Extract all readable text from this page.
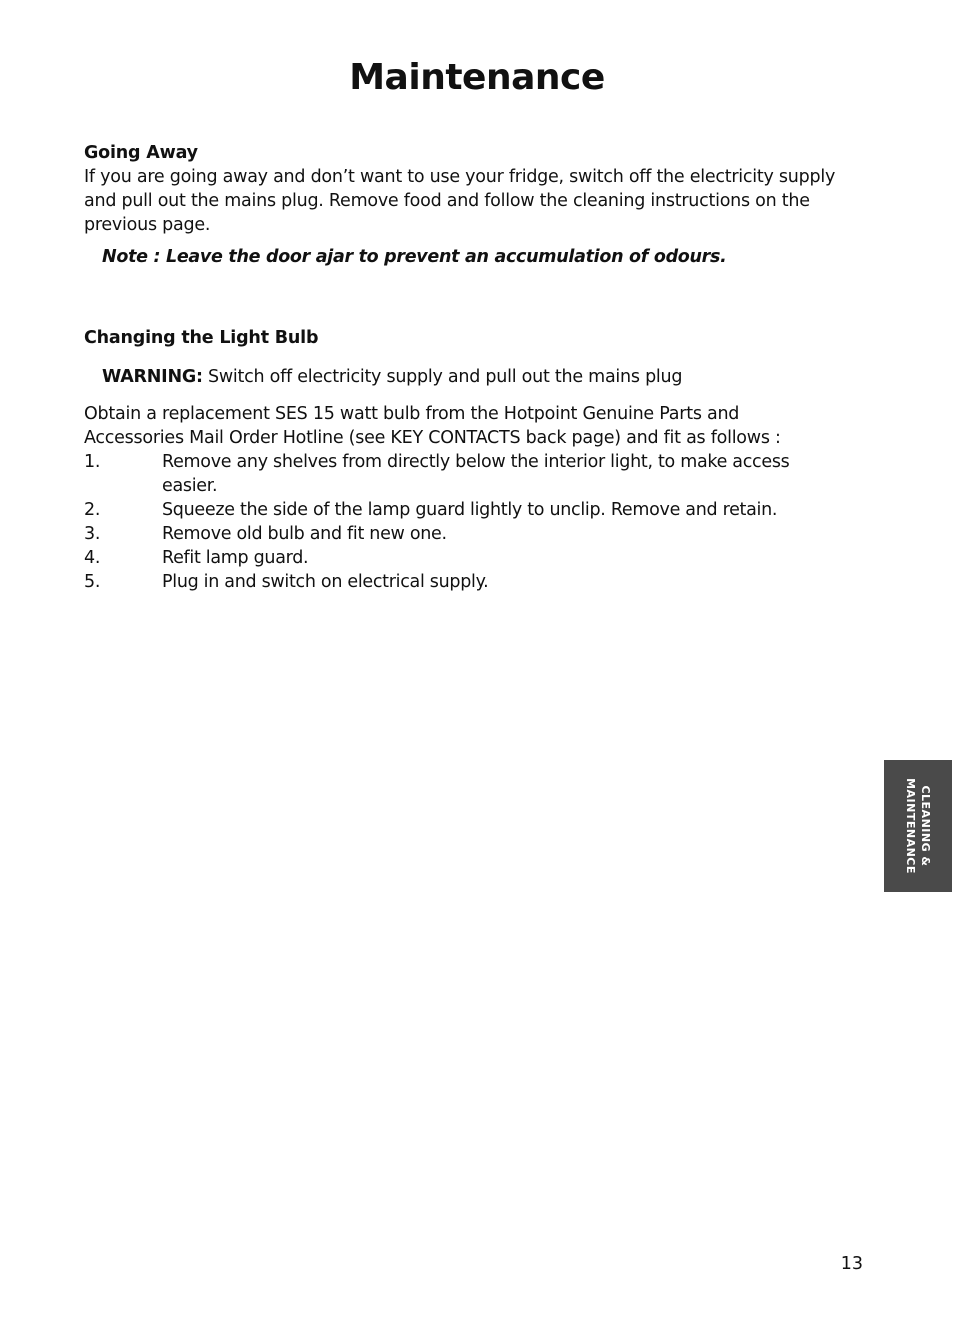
Maintenance
Going Away
If you are going away and don’t want to use your fridge, switch off the electricity supply and pull out the mains plug. Remove food and follow the cleaning instructions on the previous page.
Note : Leave the door ajar to prevent an accumulation of odours.
Changing the Light Bulb
WARNING: Switch off electricity supply and pull out the mains plug
Obtain a replacement SES 15 watt bulb from the Hotpoint Genuine Parts and Accessories Mail Order Hotline (see KEY CONTACTS back page) and fit as follows :
1.	Remove any shelves from directly below the interior light, to make access easier.
2.	Squeeze the side of the lamp guard lightly to unclip. Remove and retain.
3.	Remove old bulb and fit new one.
4.	Refit lamp guard.
5.	Plug in and switch on electrical supply.
CLEANING &
MAINTENANCE
13
